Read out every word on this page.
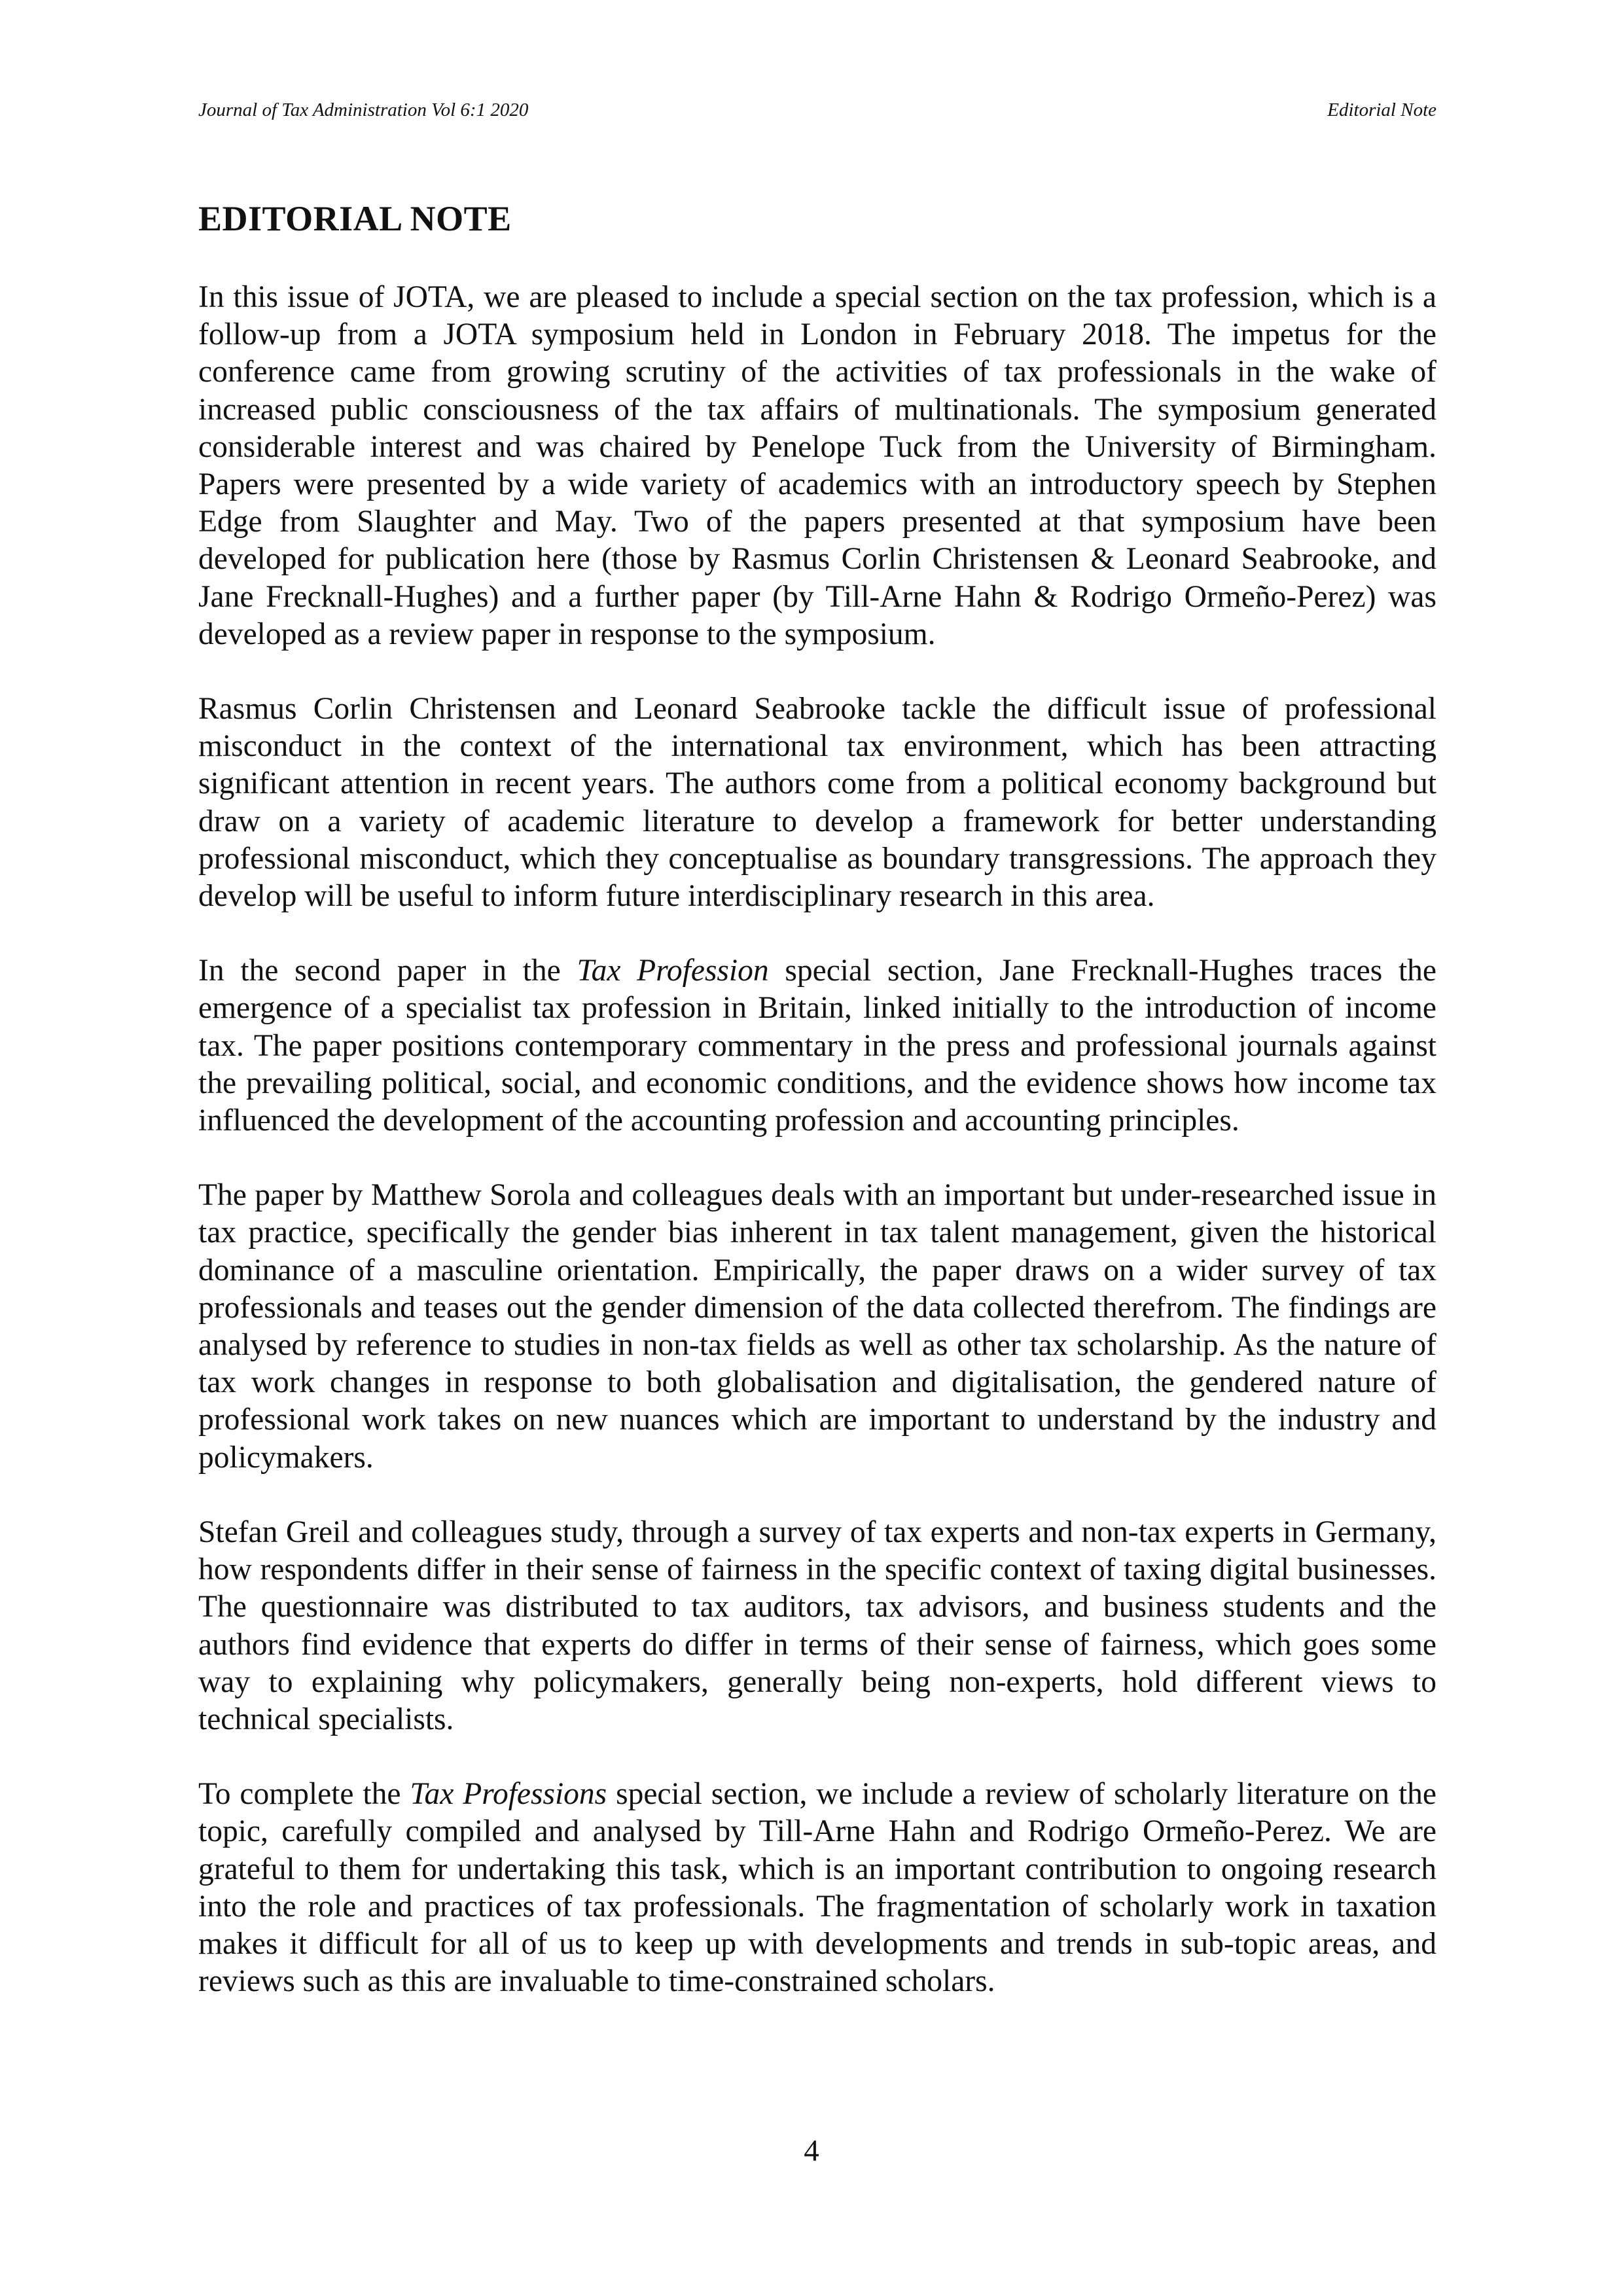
Journal of Tax Administration Vol 6:1 2020	Editorial Note
EDITORIAL NOTE

In this issue of JOTA, we are pleased to include a special section on the tax profession, which is a follow-up from a JOTA symposium held in London in February 2018. The impetus for the conference came from growing scrutiny of the activities of tax professionals in the wake of increased public consciousness of the tax affairs of multinationals. The symposium generated considerable interest and was chaired by Penelope Tuck from the University of Birmingham. Papers were presented by a wide variety of academics with an introductory speech by Stephen Edge from Slaughter and May. Two of the papers presented at that symposium have been developed for publication here (those by Rasmus Corlin Christensen & Leonard Seabrooke, and Jane Frecknall-Hughes) and a further paper (by Till-Arne Hahn & Rodrigo Ormeño-Perez) was developed as a review paper in response to the symposium.

Rasmus Corlin Christensen and Leonard Seabrooke tackle the difficult issue of professional misconduct in the context of the international tax environment, which has been attracting significant attention in recent years. The authors come from a political economy background but draw on a variety of academic literature to develop a framework for better understanding professional misconduct, which they conceptualise as boundary transgressions. The approach they develop will be useful to inform future interdisciplinary research in this area.

In the second paper in the Tax Profession special section, Jane Frecknall-Hughes traces the emergence of a specialist tax profession in Britain, linked initially to the introduction of income tax. The paper positions contemporary commentary in the press and professional journals against the prevailing political, social, and economic conditions, and the evidence shows how income tax influenced the development of the accounting profession and accounting principles.

The paper by Matthew Sorola and colleagues deals with an important but under-researched issue in tax practice, specifically the gender bias inherent in tax talent management, given the historical dominance of a masculine orientation. Empirically, the paper draws on a wider survey of tax professionals and teases out the gender dimension of the data collected therefrom. The findings are analysed by reference to studies in non-tax fields as well as other tax scholarship. As the nature of tax work changes in response to both globalisation and digitalisation, the gendered nature of professional work takes on new nuances which are important to understand by the industry and policymakers.

Stefan Greil and colleagues study, through a survey of tax experts and non-tax experts in Germany, how respondents differ in their sense of fairness in the specific context of taxing digital businesses. The questionnaire was distributed to tax auditors, tax advisors, and business students and the authors find evidence that experts do differ in terms of their sense of fairness, which goes some way to explaining why policymakers, generally being non-experts, hold different views to technical specialists.

To complete the Tax Professions special section, we include a review of scholarly literature on the topic, carefully compiled and analysed by Till-Arne Hahn and Rodrigo Ormeño-Perez. We are grateful to them for undertaking this task, which is an important contribution to ongoing research into the role and practices of tax professionals. The fragmentation of scholarly work in taxation makes it difficult for all of us to keep up with developments and trends in sub-topic areas, and reviews such as this are invaluable to time-constrained scholars.

4
